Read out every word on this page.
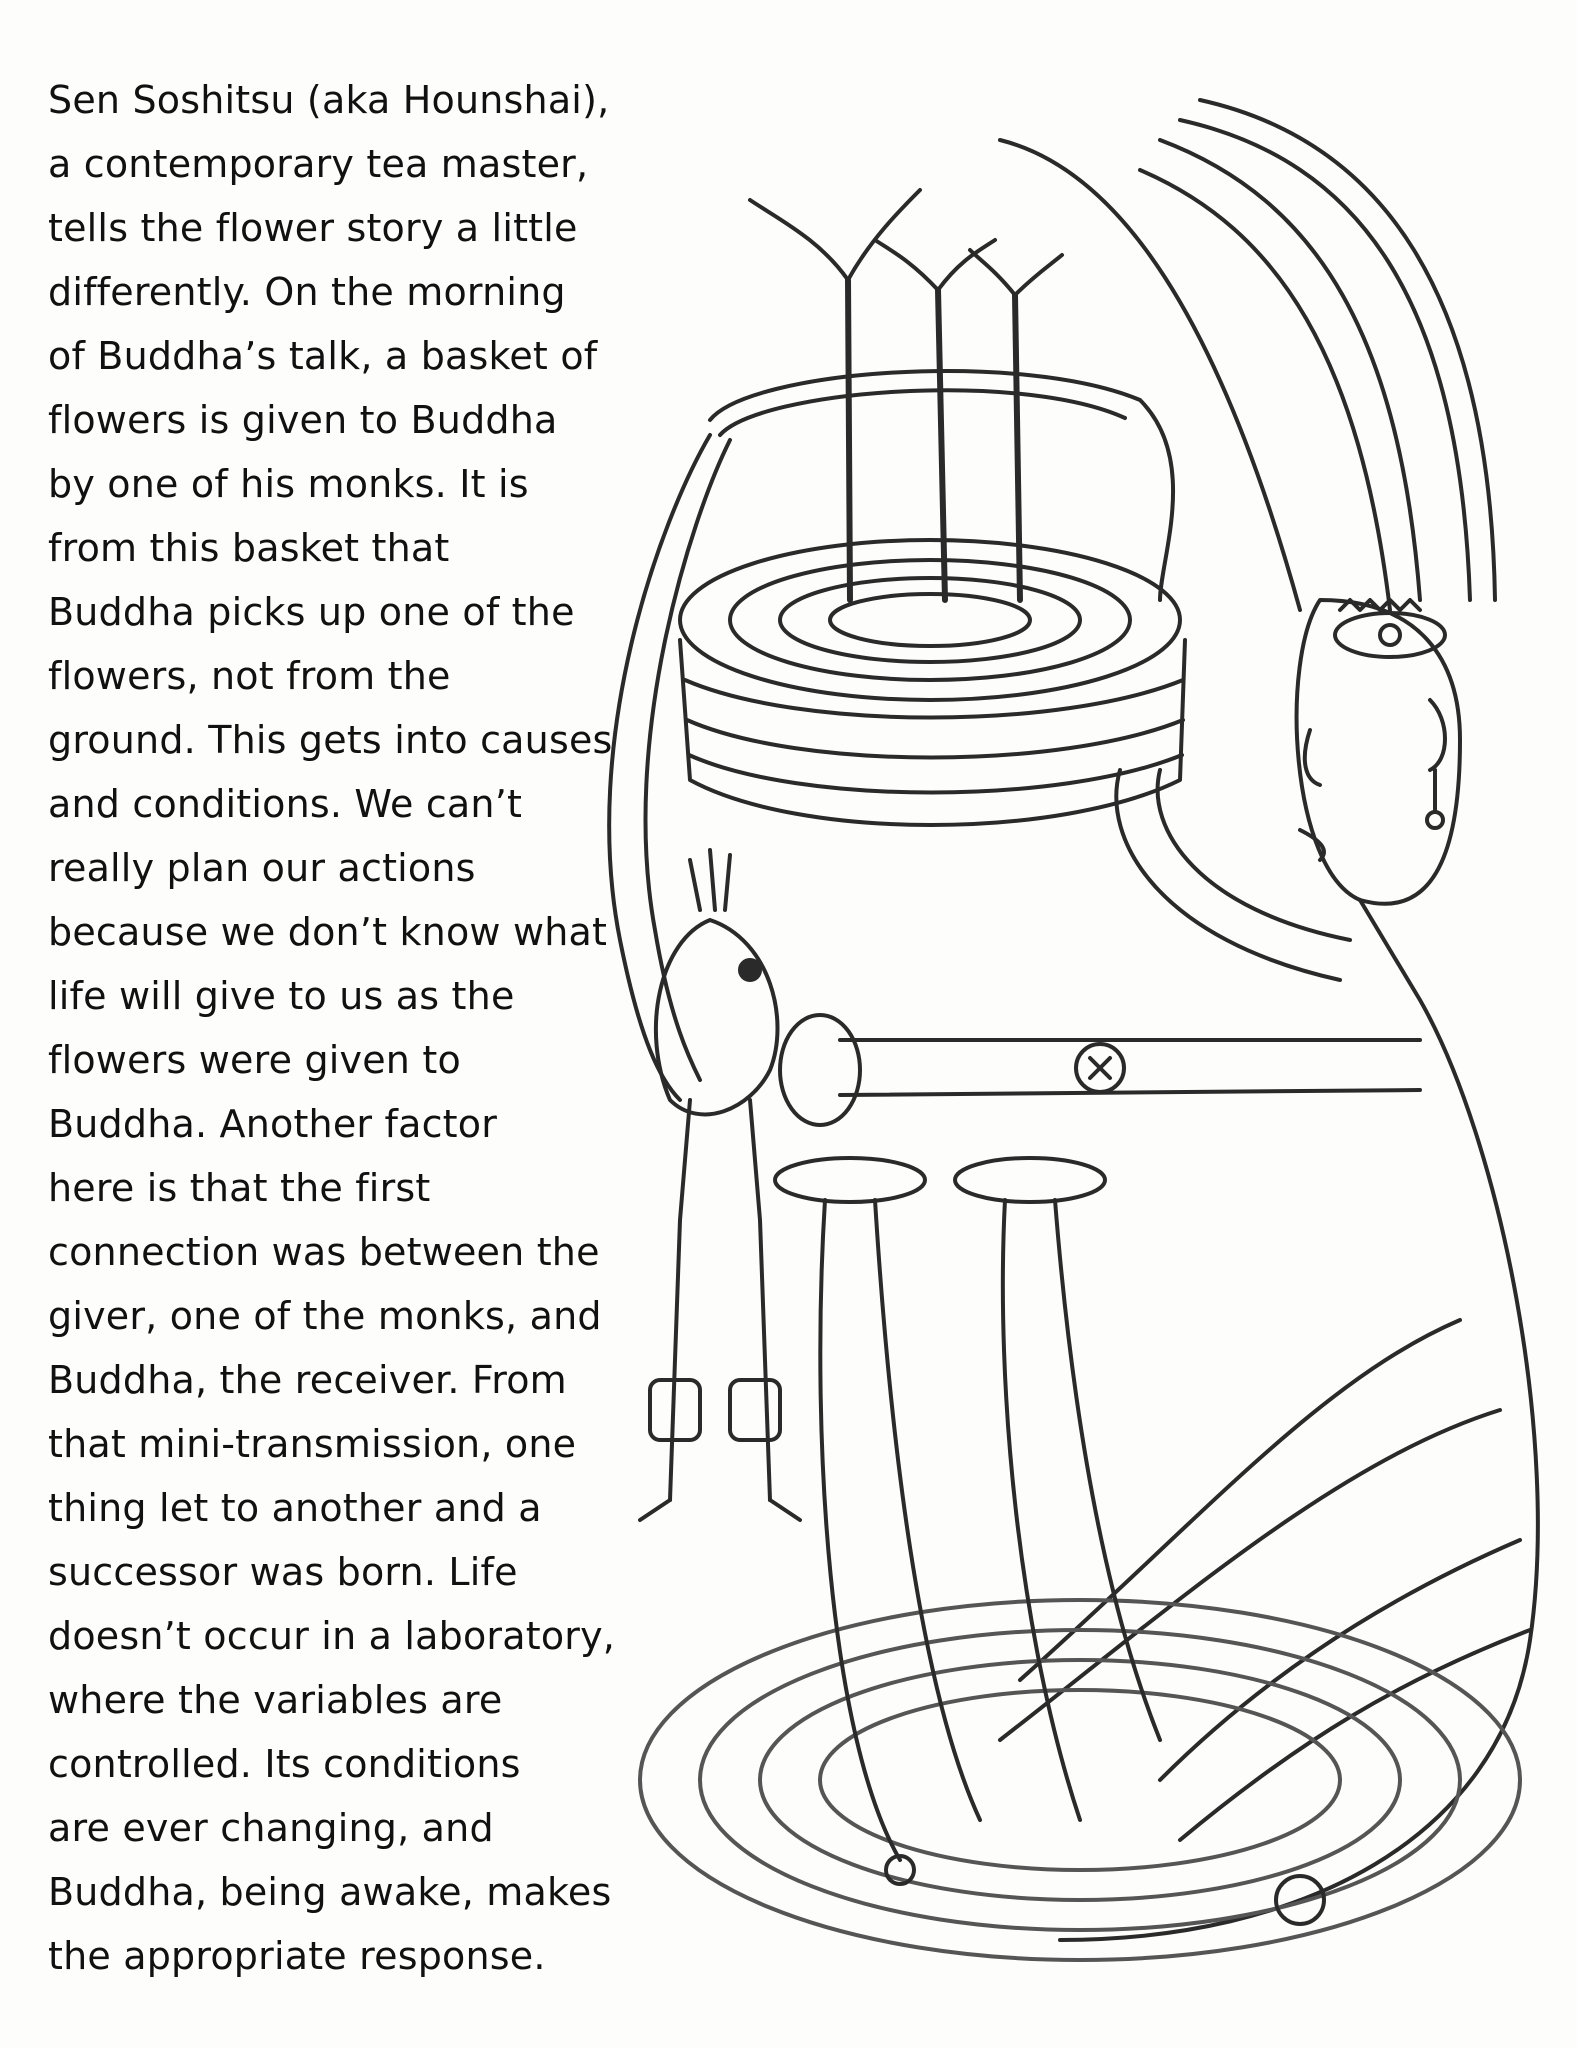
Sen Soshitsu (aka Hounshai),
a contemporary tea master,
tells the flower story a little
differently. On the morning
of Buddha’s talk, a basket of
flowers is given to Buddha
by one of his monks. It is
from this basket that
Buddha picks up one of the
flowers, not from the
ground. This gets into causes
and conditions. We can’t
really plan our actions
because we don’t know what
life will give to us as the
flowers were given to
Buddha. Another factor
here is that the first
connection was between the
giver, one of the monks, and
Buddha, the receiver. From
that mini-transmission, one
thing let to another and a
successor was born. Life
doesn’t occur in a laboratory,
where the variables are
controlled. Its conditions
are ever changing, and
Buddha, being awake, makes
the appropriate response.
